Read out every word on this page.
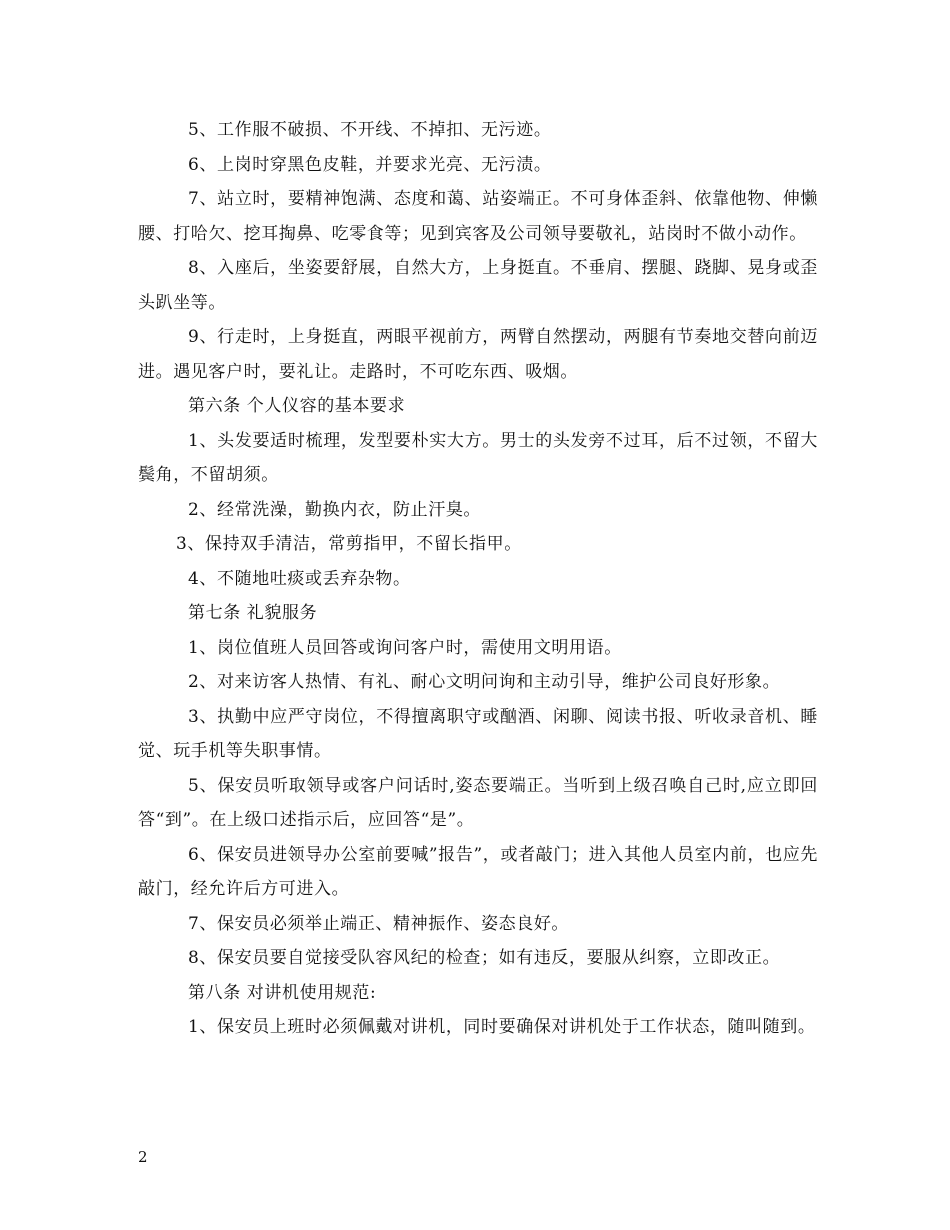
5、工作服不破损、不开线、不掉扣、无污迹。

6、上岗时穿黑色皮鞋，并要求光亮、无污渍。

7、站立时，要精神饱满、态度和蔼、站姿端正。不可身体歪斜、依靠他物、伸懒腰、打哈欠、挖耳掏鼻、吃零食等；见到宾客及公司领导要敬礼，站岗时不做小动作。

8、入座后，坐姿要舒展，自然大方，上身挺直。不垂肩、摆腿、跷脚、晃身或歪头趴坐等。

9、行走时，上身挺直，两眼平视前方，两臂自然摆动，两腿有节奏地交替向前迈进。遇见客户时，要礼让。走路时，不可吃东西、吸烟。

第六条 个人仪容的基本要求

1、头发要适时梳理，发型要朴实大方。男士的头发旁不过耳，后不过领，不留大鬓角，不留胡须。

2、经常洗澡，勤换内衣，防止汗臭。

3、保持双手清洁，常剪指甲，不留长指甲。

4、不随地吐痰或丢弃杂物。

第七条 礼貌服务

1、岗位值班人员回答或询问客户时，需使用文明用语。

2、对来访客人热情、有礼、耐心文明问询和主动引导，维护公司良好形象。

3、执勤中应严守岗位，不得擅离职守或酗酒、闲聊、阅读书报、听收录音机、睡觉、玩手机等失职事情。

5、保安员听取领导或客户问话时,姿态要端正。当听到上级召唤自己时,应立即回答“到”。在上级口述指示后，应回答“是”。

6、保安员进领导办公室前要喊”报告”，或者敲门；进入其他人员室内前，也应先敲门，经允许后方可进入。

7、保安员必须举止端正、精神振作、姿态良好。

8、保安员要自觉接受队容风纪的检查；如有违反，要服从纠察，立即改正。

第八条 对讲机使用规范:

1、保安员上班时必须佩戴对讲机，同时要确保对讲机处于工作状态，随叫随到。

2
